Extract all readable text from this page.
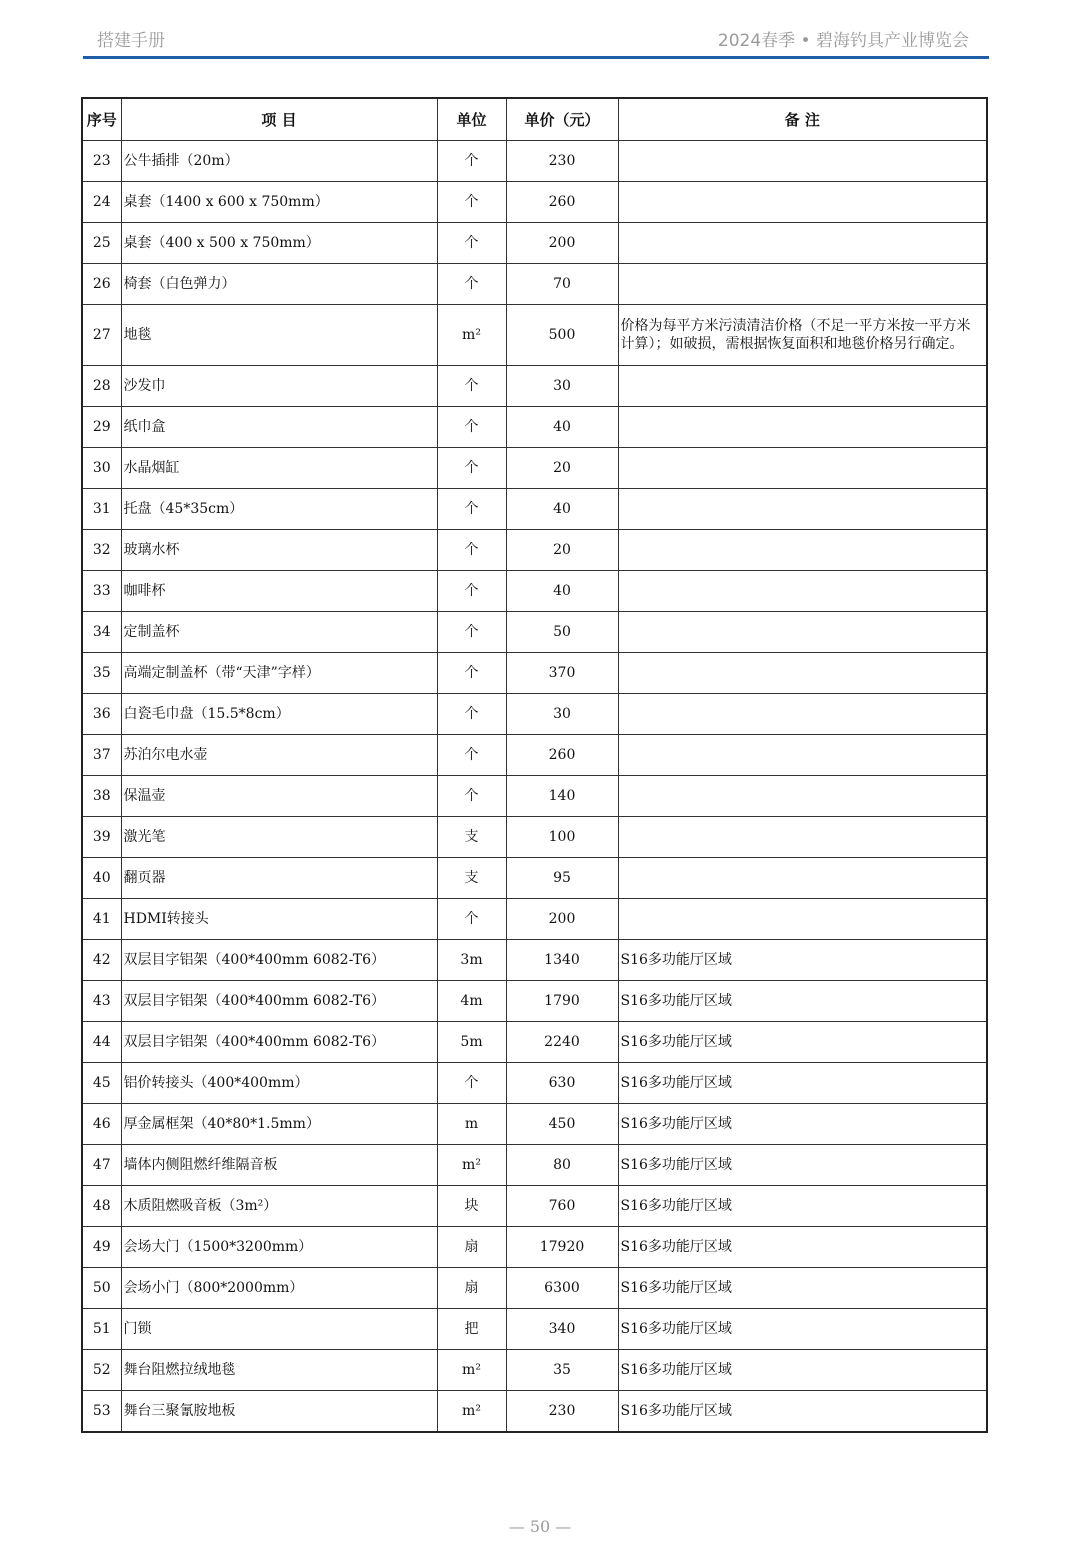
搭建手册	2024春季 • 碧海钓具产业博览会
序号	项 目	单位	单价（元）	备 注
23	公牛插排（20m）	个	230	
24	桌套（1400 x 600 x 750mm）	个	260	
25	桌套（400 x 500 x 750mm）	个	200	
26	椅套（白色弹力）	个	70	
27	地毯	m²	500	价格为每平方米污渍清洁价格（不足一平方米按一平方米计算）；如破损，需根据恢复面积和地毯价格另行确定。
28	沙发巾	个	30	
29	纸巾盒	个	40	
30	水晶烟缸	个	20	
31	托盘（45*35cm）	个	40	
32	玻璃水杯	个	20	
33	咖啡杯	个	40	
34	定制盖杯	个	50	
35	高端定制盖杯（带“天津”字样）	个	370	
36	白瓷毛巾盘（15.5*8cm）	个	30	
37	苏泊尔电水壶	个	260	
38	保温壶	个	140	
39	激光笔	支	100	
40	翻页器	支	95	
41	HDMI转接头	个	200	
42	双层目字铝架（400*400mm 6082-T6）	3m	1340	S16多功能厅区域
43	双层目字铝架（400*400mm 6082-T6）	4m	1790	S16多功能厅区域
44	双层目字铝架（400*400mm 6082-T6）	5m	2240	S16多功能厅区域
45	铝价转接头（400*400mm）	个	630	S16多功能厅区域
46	厚金属框架（40*80*1.5mm）	m	450	S16多功能厅区域
47	墙体内侧阻燃纤维隔音板	m²	80	S16多功能厅区域
48	木质阻燃吸音板（3m²）	块	760	S16多功能厅区域
49	会场大门（1500*3200mm）	扇	17920	S16多功能厅区域
50	会场小门（800*2000mm）	扇	6300	S16多功能厅区域
51	门锁	把	340	S16多功能厅区域
52	舞台阻燃拉绒地毯	m²	35	S16多功能厅区域
53	舞台三聚氰胺地板	m²	230	S16多功能厅区域
— 50 —
